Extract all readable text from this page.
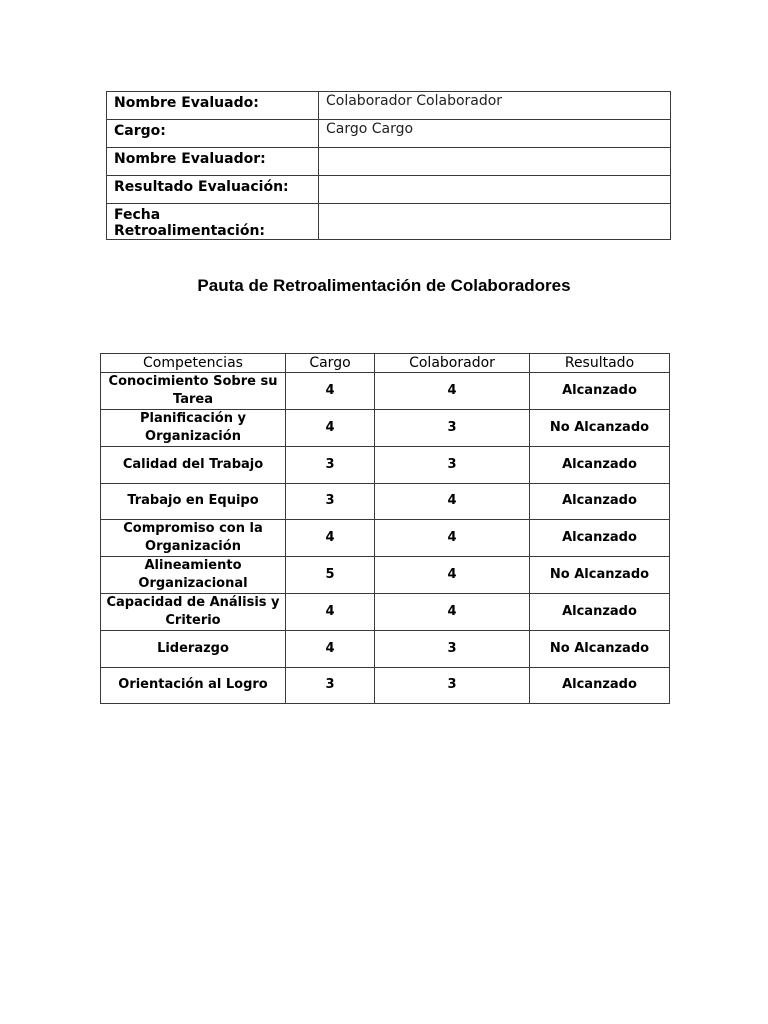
Nombre Evaluado:	Colaborador Colaborador
Cargo:	Cargo Cargo
Nombre Evaluador:	
Resultado Evaluación:	
Fecha Retroalimentación:	
Pauta de Retroalimentación de Colaboradores
Competencias	Cargo	Colaborador	Resultado
Conocimiento Sobre su Tarea	4	4	Alcanzado
Planificación y Organización	4	3	No Alcanzado
Calidad del Trabajo	3	3	Alcanzado
Trabajo en Equipo	3	4	Alcanzado
Compromiso con la Organización	4	4	Alcanzado
Alineamiento Organizacional	5	4	No Alcanzado
Capacidad de Análisis y Criterio	4	4	Alcanzado
Liderazgo	4	3	No Alcanzado
Orientación al Logro	3	3	Alcanzado
